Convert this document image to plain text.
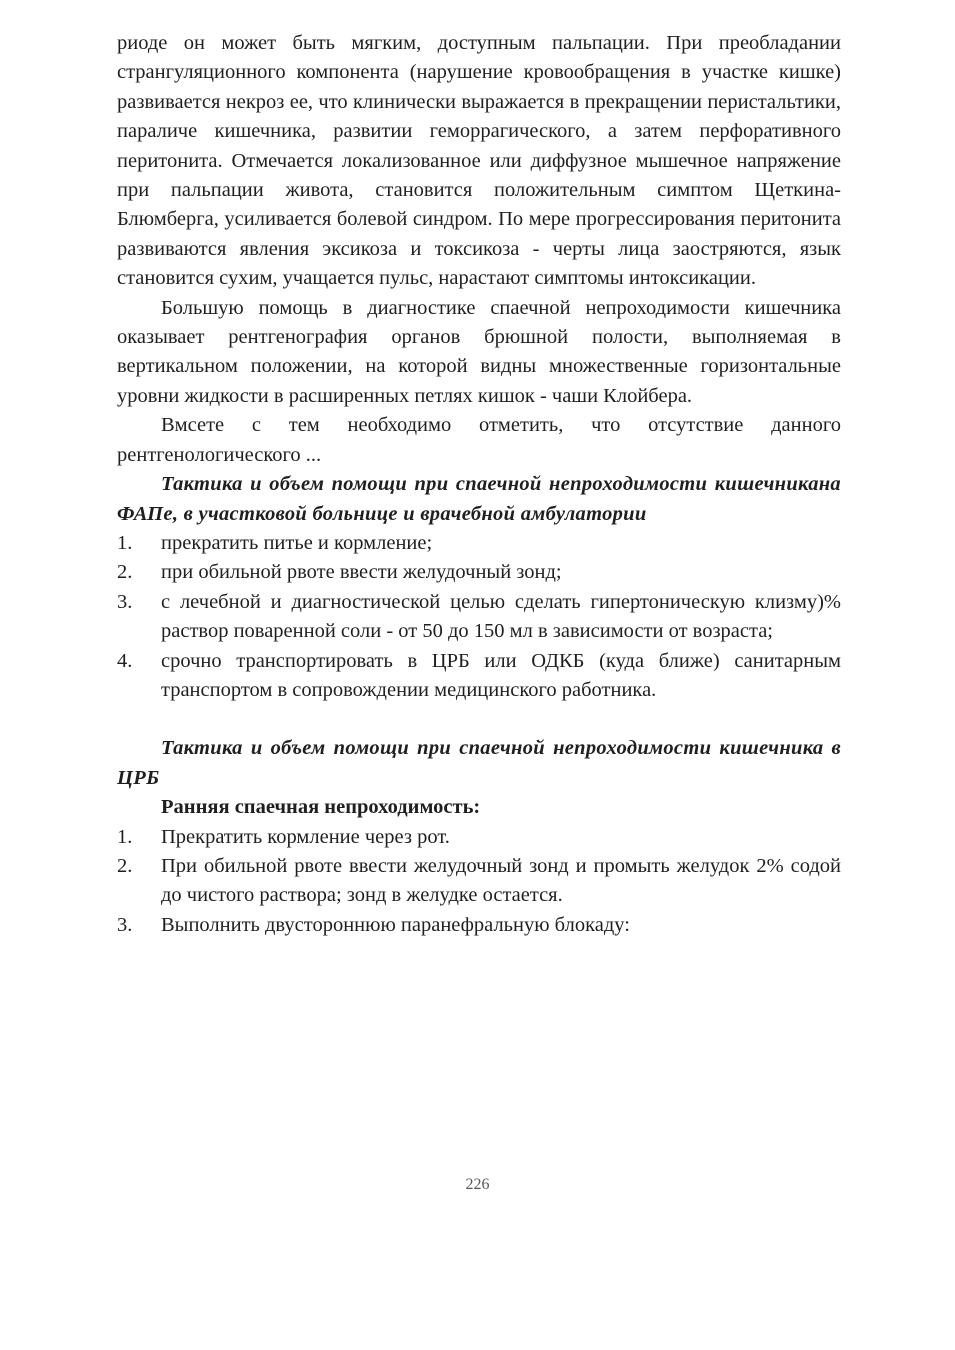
риоде он может быть мягким, доступным пальпации. При преобладании странгуляционного компонента (нарушение кровообращения в участке кишке) развивается некроз ее, что клинически выражается в прекращении перистальтики, параличе кишечника, развитии геморрагического, а затем перфоративного перитонита. Отмечается локализованное или диффузное мышечное напряжение при пальпации живота, становится положительным симптом Щеткина-Блюмберга, усиливается болевой синдром. По мере прогрессирования перитонита развиваются явления эксикоза и токсикоза - черты лица заостряются, язык становится сухим, учащается пульс, нарастают симптомы интоксикации.

Большую помощь в диагностике спаечной непроходимости кишечника оказывает рентгенография органов брюшной полости, выполняемая в вертикальном положении, на которой видны множественные горизонтальные уровни жидкости в расширенных петлях кишок - чаши Клойбера.

Вмсете с тем необходимо отметить, что отсутствие данного рентгенологического ...

Тактика и объем помощи при спаечной непроходимости кишечникана ФАПе, в участковой больнице и врачебной амбулатории

1.	прекратить питье и кормление;
2.	при обильной рвоте ввести желудочный зонд;
3.	с лечебной и диагностической целью сделать гипертоническую клизму)% раствор поваренной соли - от 50 до 150 мл в зависимости от возраста;
4.	срочно транспортировать в ЦРБ или ОДКБ (куда ближе) санитарным транспортом в сопровождении медицинского работника.

Тактика и объем помощи при спаечной непроходимости кишечника в ЦРБ

Ранняя спаечная непроходимость:

1.	Прекратить кормление через рот.
2.	При обильной рвоте ввести желудочный зонд и промыть желудок 2% содой до чистого раствора; зонд в желудке остается.
3.	Выполнить двустороннюю паранефральную блокаду:
226
